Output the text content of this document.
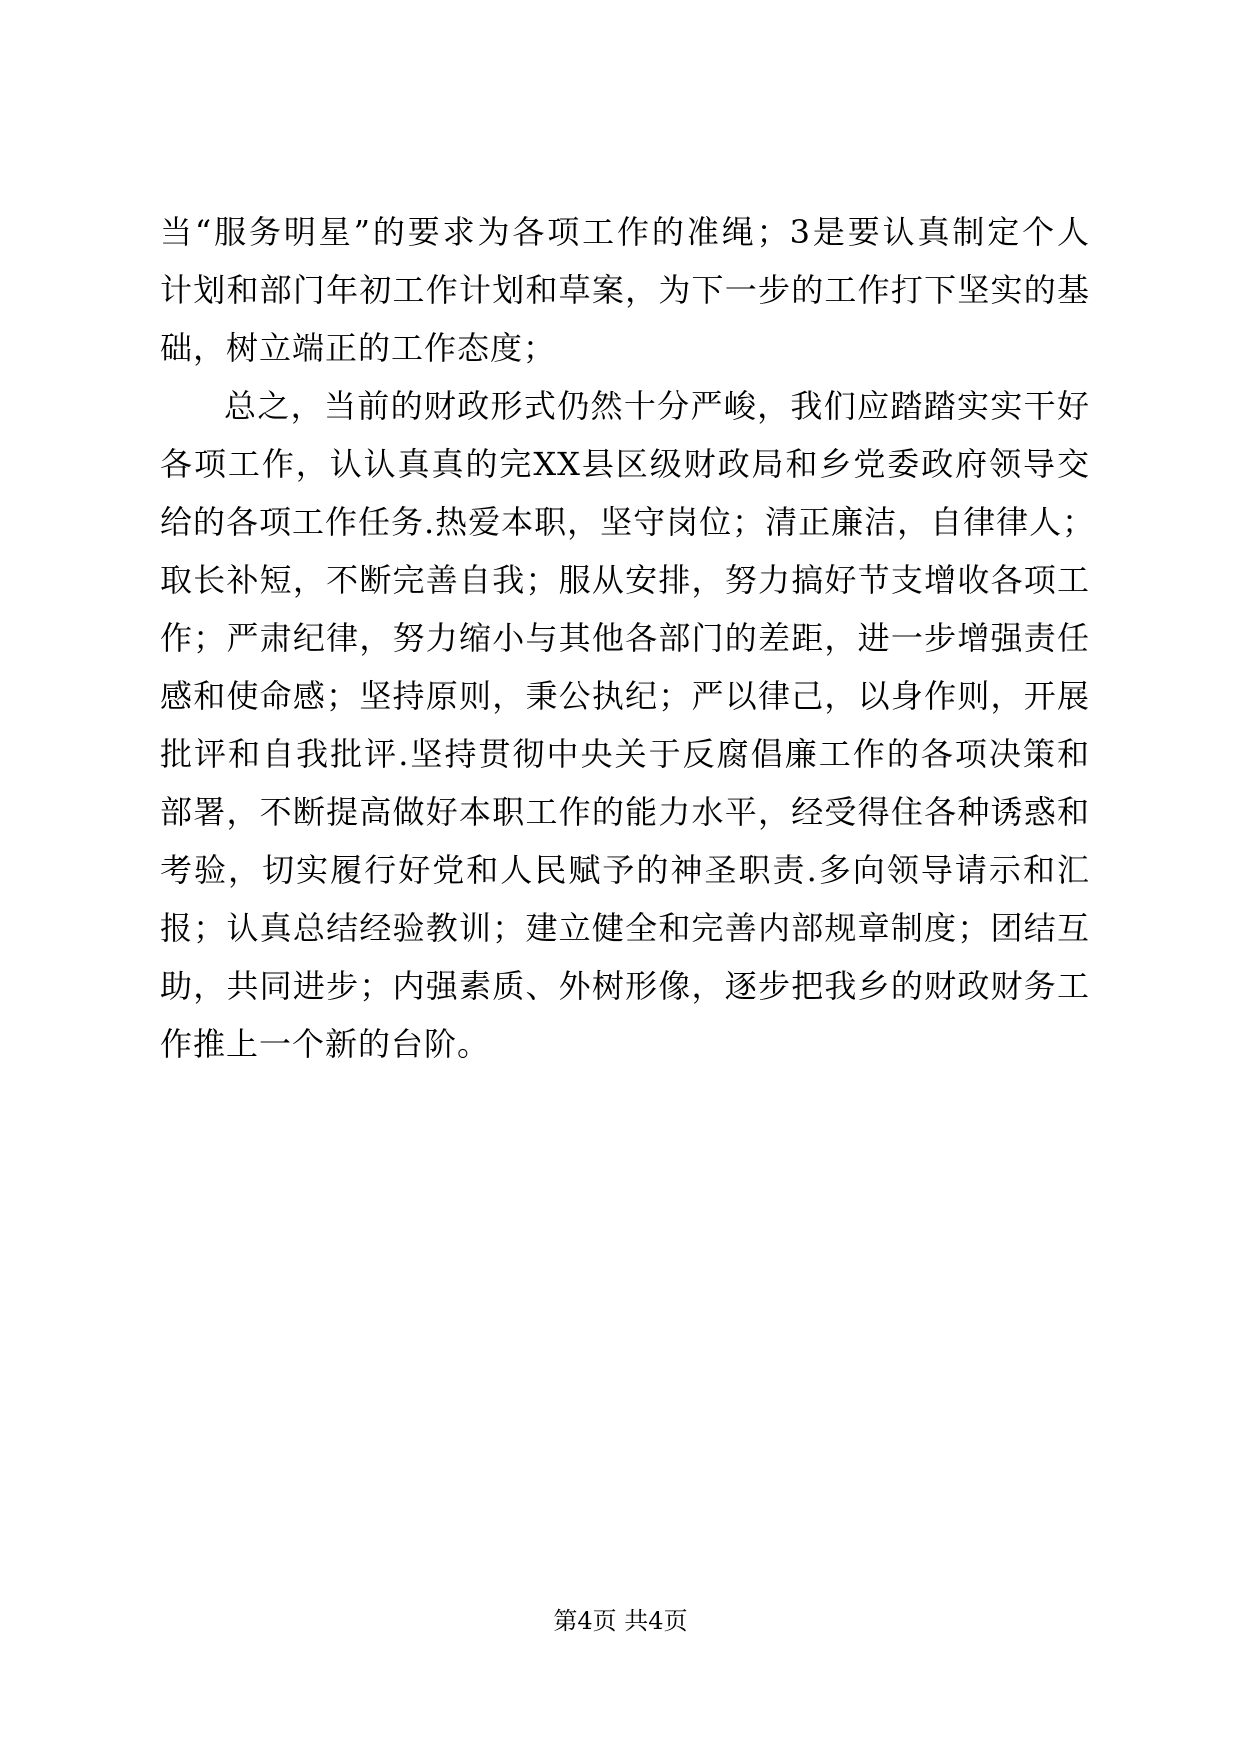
当“服务明星”的要求为各项工作的准绳；3是要认真制定个人
计划和部门年初工作计划和草案，为下一步的工作打下坚实的基
础，树立端正的工作态度；
总之，当前的财政形式仍然十分严峻，我们应踏踏实实干好
各项工作，认认真真的完XX县区级财政局和乡党委政府领导交
给的各项工作任务.热爱本职，坚守岗位；清正廉洁，自律律人；
取长补短，不断完善自我；服从安排，努力搞好节支增收各项工
作；严肃纪律，努力缩小与其他各部门的差距，进一步增强责任
感和使命感；坚持原则，秉公执纪；严以律己，以身作则，开展
批评和自我批评.坚持贯彻中央关于反腐倡廉工作的各项决策和
部署，不断提高做好本职工作的能力水平，经受得住各种诱惑和
考验，切实履行好党和人民赋予的神圣职责.多向领导请示和汇
报；认真总结经验教训；建立健全和完善内部规章制度；团结互
助，共同进步；内强素质、外树形像，逐步把我乡的财政财务工
作推上一个新的台阶。
第4页 共4页
